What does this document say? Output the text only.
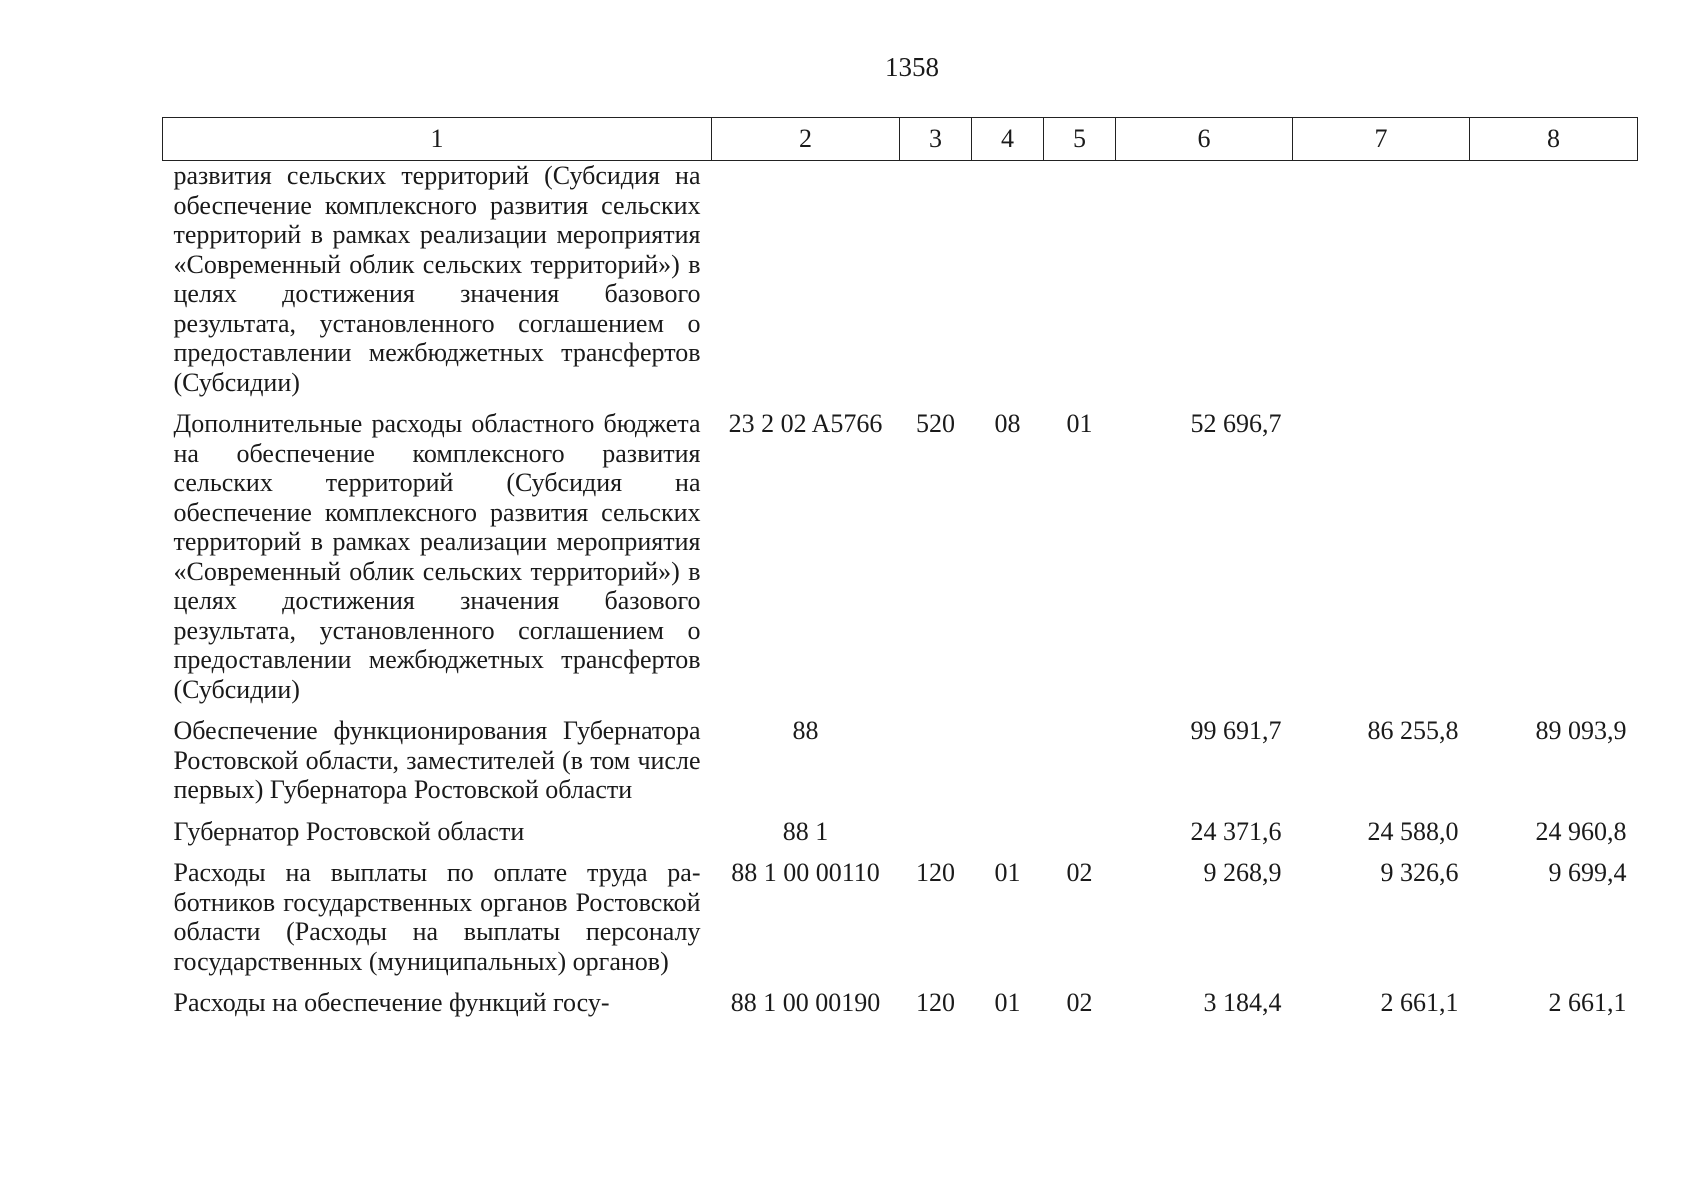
1358
1	2	3	4	5	6	7	8
развития сельских территорий (Субсидия на обеспечение комплексного развития сельских территорий в рамках реализации мероприятия «Современный облик сельских территорий») в целях достижения значения базового результата, установленного соглашением о предоставлении межбюджетных трансфертов (Субсидии)							
Дополнительные расходы областного бюджета на обеспечение комплексного развития сельских территорий (Субсидия на обеспечение комплексного развития сельских территорий в рамках реализации мероприятия «Современный облик сельских территорий») в целях достижения значения базового результата, установленного соглашением о предоставлении межбюджетных трансфертов (Субсидии)	23 2 02 A5766	520	08	01	52 696,7		
Обеспечение функционирования Губернатора Ростовской области, заместителей (в том числе первых) Губернатора Ростовской области	88				99 691,7	86 255,8	89 093,9
Губернатор Ростовской области	88 1				24 371,6	24 588,0	24 960,8
Расходы на выплаты по оплате труда работников государственных органов Ростовской области (Расходы на выплаты персоналу государственных (муниципальных) органов)	88 1 00 00110	120	01	02	9 268,9	9 326,6	9 699,4
Расходы на обеспечение функций госу-	88 1 00 00190	120	01	02	3 184,4	2 661,1	2 661,1
